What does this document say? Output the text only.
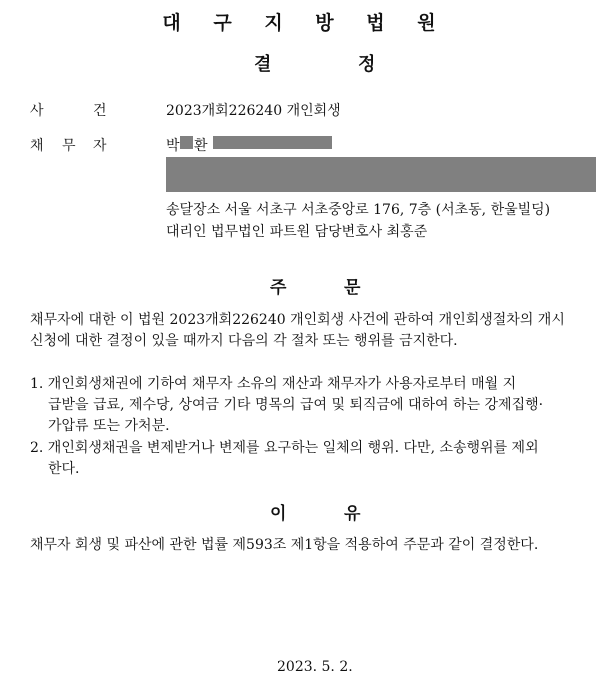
대 구 지 방 법 원
결	정
사	건	2023개회226240 개인회생
채 무 자	박 환
송달장소 서울 서초구 서초중앙로 176, 7층 (서초동, 한울빌딩)
대리인 법무법인 파트원 담당변호사 최홍준
주	문
채무자에 대한 이 법원 2023개회226240 개인회생 사건에 관하여 개인회생절차의 개시
신청에 대한 결정이 있을 때까지 다음의 각 절차 또는 행위를 금지한다.
1. 개인회생채권에 기하여 채무자 소유의 재산과 채무자가 사용자로부터 매월 지
급받을 급료, 제수당, 상여금 기타 명목의 급여 및 퇴직금에 대하여 하는 강제집행·
가압류 또는 가처분.
2. 개인회생채권을 변제받거나 변제를 요구하는 일체의 행위. 다만, 소송행위를 제외
한다.
이	유
채무자 회생 및 파산에 관한 법률 제593조 제1항을 적용하여 주문과 같이 결정한다.
2023. 5. 2.
